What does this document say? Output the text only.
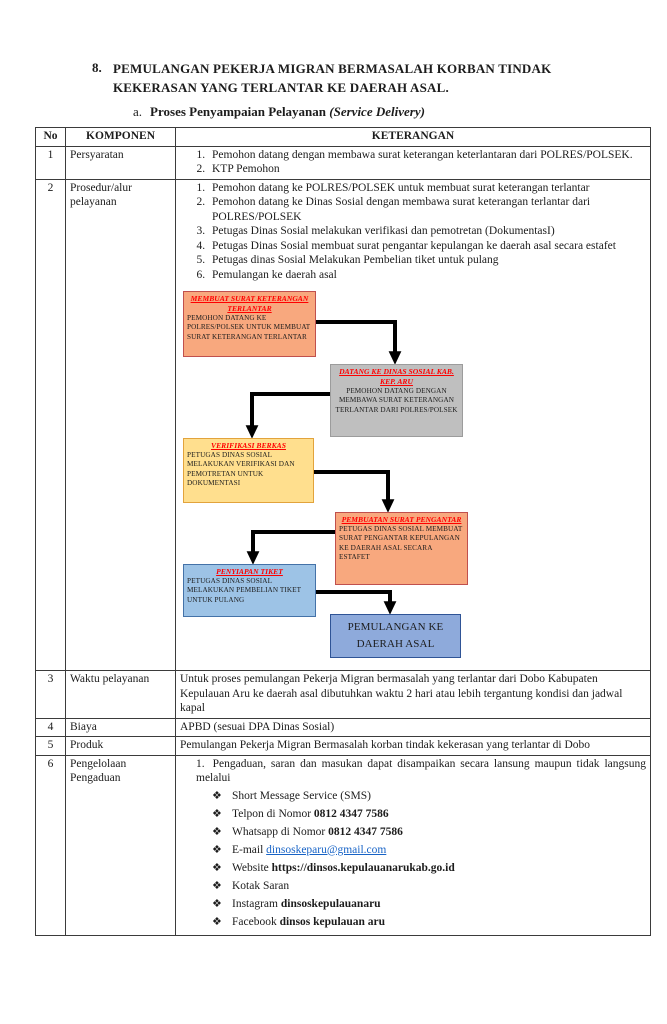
8. PEMULANGAN PEKERJA MIGRAN BERMASALAH KORBAN TINDAK
KEKERASAN YANG TERLANTAR KE DAERAH ASAL.
a. Proses Penyampaian Pelayanan (Service Delivery)
No	KOMPONEN	KETERANGAN
1	Persyaratan	
1.Pemohon datang dengan membawa surat keterangan keterlantaran dari POLRES/POLSEK.
2. KTP Pemohon

2	Prosedur/alur pelayanan	
1. Pemohon datang ke POLRES/POLSEK untuk membuat surat keterangan terlantar
2. Pemohon datang ke Dinas Sosial dengan membawa surat keterangan terlantar dari POLRES/POLSEK
3. Petugas Dinas Sosial melakukan verifikasi dan pemotretan (DokumentasI)
4. Petugas Dinas Sosial membuat surat pengantar kepulangan ke daerah asal secara estafet
5. Petugas dinas Sosial Melakukan Pembelian tiket untuk pulang
6. Pemulangan ke daerah asal
MEMBUAT SURAT KETERANGAN TERLANTAR
PEMOHON DATANG KE POLRES/POLSEK UNTUK MEMBUAT SURAT KETERANGAN TERLANTAR
DATANG KE DINAS SOSIAL KAB. KEP. ARU
PEMOHON DATANG DENGAN MEMBAWA SURAT KETERANGAN TERLANTAR DARI POLRES/POLSEK
VERIFIKASI BERKAS
PETUGAS DINAS SOSIAL MELAKUKAN VERIFIKASI DAN PEMOTRETAN UNTUK DOKUMENTASI
PEMBUATAN SURAT PENGANTAR
PETUGAS DINAS SOSIAL MEMBUAT SURAT PENGANTAR KEPULANGAN KE DAERAH ASAL SECARA ESTAFET
PENYIAPAN TIKET
PETUGAS DINAS SOSIAL MELAKUKAN PEMBELIAN TIKET UNTUK PULANG
PEMULANGAN KE DAERAH ASAL

3	Waktu pelayanan	Untuk proses pemulangan Pekerja Migran bermasalah yang terlantar dari Dobo Kabupaten Kepulauan Aru ke daerah asal dibutuhkan waktu 2 hari atau lebih tergantung kondisi dan jadwal kapal
4	Biaya	APBD (sesuai DPA Dinas Sosial)
5	Produk	Pemulangan Pekerja Migran Bermasalah korban tindak kekerasan yang terlantar di Dobo
6	Pengelolaan Pengaduan	
1. Pengaduan, saran dan masukan dapat disampaikan secara lansung maupun tidak langsung melalui
❖ Short Message Service (SMS)
❖ Telpon di Nomor 0812 4347 7586
❖ Whatsapp di Nomor 0812 4347 7586
❖ E-mail dinsoskeparu@gmail.com
❖ Website https://dinsos.kepulauanarukab.go.id
❖ Kotak Saran
❖ Instagram dinsoskepulauanaru
❖ Facebook dinsos kepulauan aru
